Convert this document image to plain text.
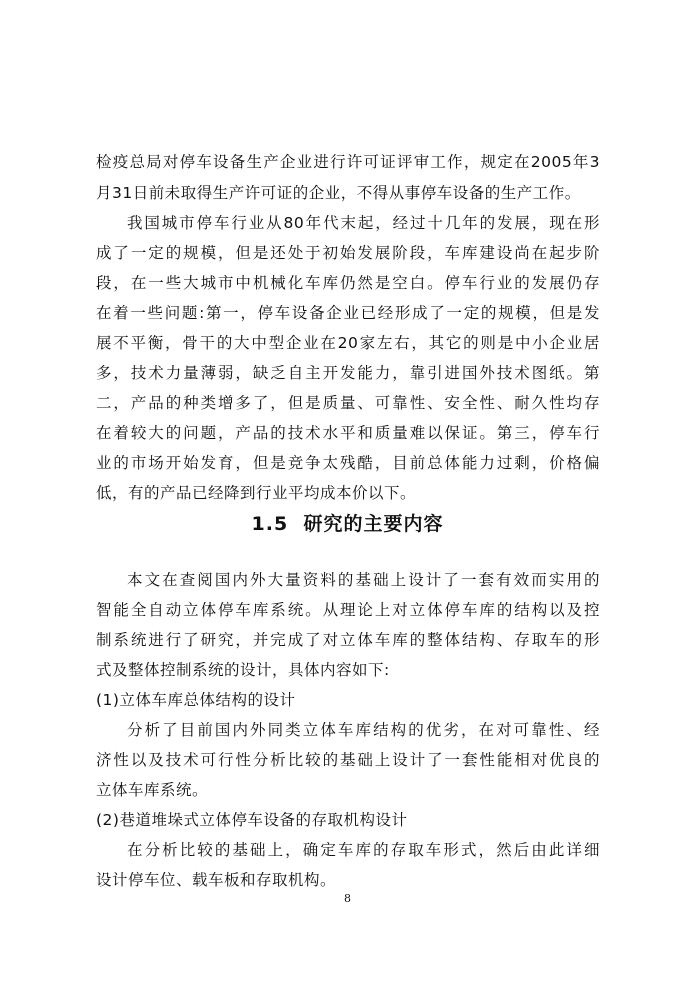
检疫总局对停车设备生产企业进行许可证评审工作，规定在2005年3

月31日前未取得生产许可证的企业，不得从事停车设备的生产工作。

我国城市停车行业从80年代末起，经过十几年的发展，现在形

成了一定的规模，但是还处于初始发展阶段，车库建设尚在起步阶

段，在一些大城市中机械化车库仍然是空白。停车行业的发展仍存

在着一些问题:第一，停车设备企业已经形成了一定的规模，但是发

展不平衡，骨干的大中型企业在20家左右，其它的则是中小企业居

多，技术力量薄弱，缺乏自主开发能力，靠引进国外技术图纸。第

二，产品的种类增多了，但是质量、可靠性、安全性、耐久性均存

在着较大的问题，产品的技术水平和质量难以保证。第三，停车行

业的市场开始发育，但是竞争太残酷，目前总体能力过剩，价格偏

低，有的产品已经降到行业平均成本价以下。

1.5 研究的主要内容

本文在查阅国内外大量资料的基础上设计了一套有效而实用的

智能全自动立体停车库系统。从理论上对立体停车库的结构以及控

制系统进行了研究，并完成了对立体车库的整体结构、存取车的形

式及整体控制系统的设计，具体内容如下:

(1)立体车库总体结构的设计

分析了目前国内外同类立体车库结构的优劣，在对可靠性、经

济性以及技术可行性分析比较的基础上设计了一套性能相对优良的

立体车库系统。

(2)巷道堆垛式立体停车设备的存取机构设计

在分析比较的基础上，确定车库的存取车形式，然后由此详细

设计停车位、载车板和存取机构。

8
